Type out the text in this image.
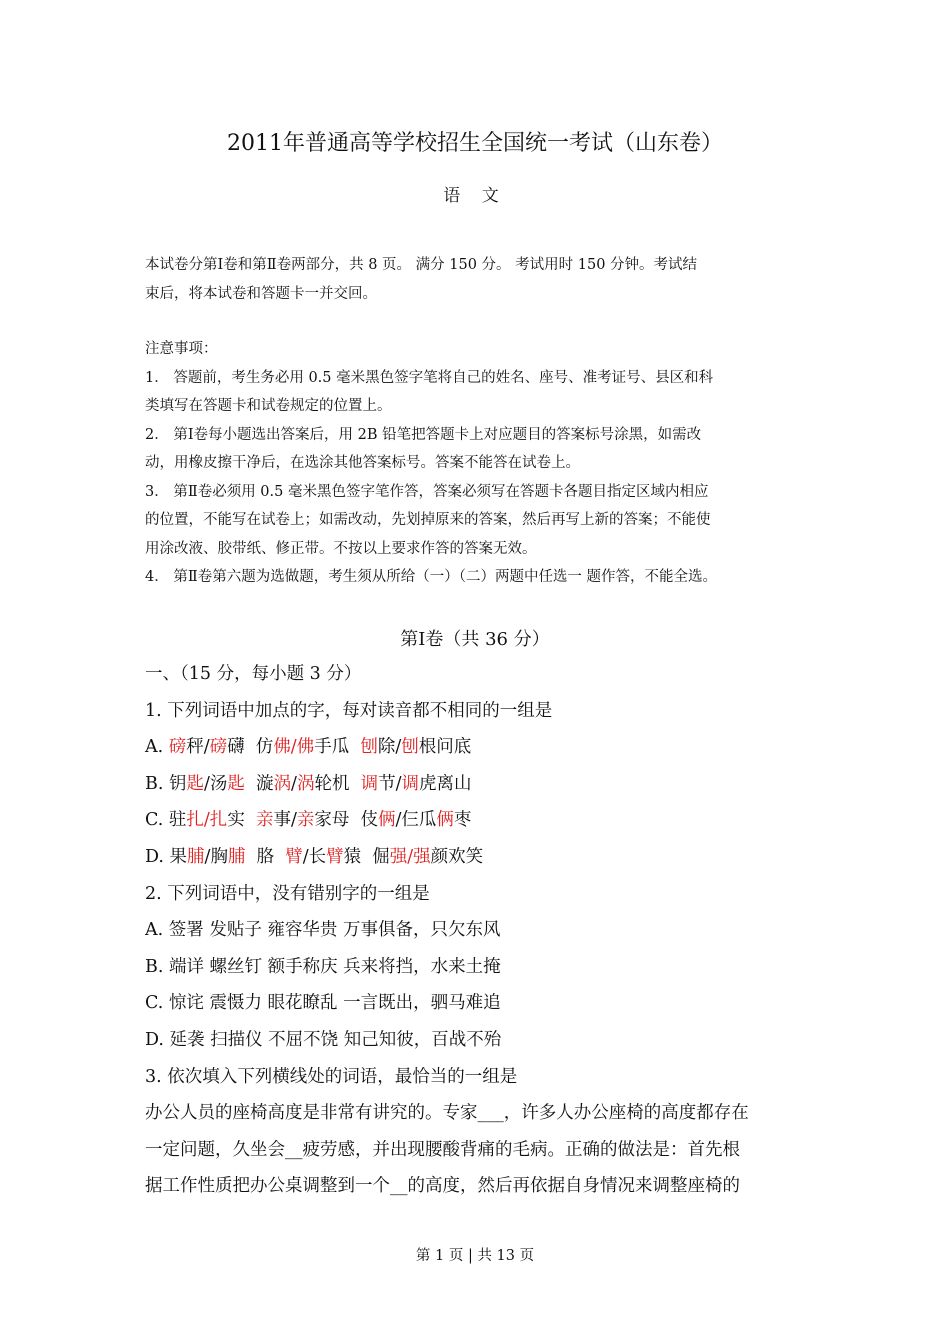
2011年普通高等学校招生全国统一考试（山东卷）
语 文
本试卷分第Ⅰ卷和第Ⅱ卷两部分，共 8 页。 满分 150 分。 考试用时 150 分钟。考试结
束后，将本试卷和答题卡一并交回。
注意事项：
1． 答题前，考生务必用 0.5 毫米黑色签字笔将自己的姓名、座号、准考证号、县区和科
类填写在答题卡和试卷规定的位置上。
2． 第Ⅰ卷每小题选出答案后，用 2B 铅笔把答题卡上对应题目的答案标号涂黑，如需改
动，用橡皮擦干净后，在选涂其他答案标号。答案不能答在试卷上。
3． 第Ⅱ卷必须用 0.5 毫米黑色签字笔作答，答案必须写在答题卡各题目指定区域内相应
的位置，不能写在试卷上；如需改动，先划掉原来的答案，然后再写上新的答案；不能使
用涂改液、胶带纸、修正带。不按以上要求作答的答案无效。
4． 第Ⅱ卷第六题为选做题，考生须从所给（一）（二）两题中任选一 题作答，不能全选。
第Ⅰ卷（共 36 分）
一、（15 分，每小题 3 分）
1. 下列词语中加点的字，每对读音都不相同的一组是
A. 磅秤/磅礴  仿佛/佛手瓜  刨除/刨根问底
B. 钥匙/汤匙  漩涡/涡轮机  调节/调虎离山
C. 驻扎/扎实  亲事/亲家母  伎俩/仨瓜俩枣
D. 果脯/胸脯  胳  臂/长臂猿  倔强/强颜欢笑
2. 下列词语中，没有错别字的一组是
A. 签署 发贴子 雍容华贵 万事俱备，只欠东风
B. 端详 螺丝钉 额手称庆 兵来将挡，水来土掩
C. 惊诧 震慑力 眼花瞭乱 一言既出，驷马难追
D. 延袭 扫描仪 不屈不饶 知己知彼，百战不殆
3. 依次填入下列横线处的词语，最恰当的一组是
办公人员的座椅高度是非常有讲究的。专家___，许多人办公座椅的高度都存在
一定问题，久坐会__疲劳感，并出现腰酸背痛的毛病。正确的做法是：首先根
据工作性质把办公桌调整到一个__的高度，然后再依据自身情况来调整座椅的
第 1 页 | 共 13 页
